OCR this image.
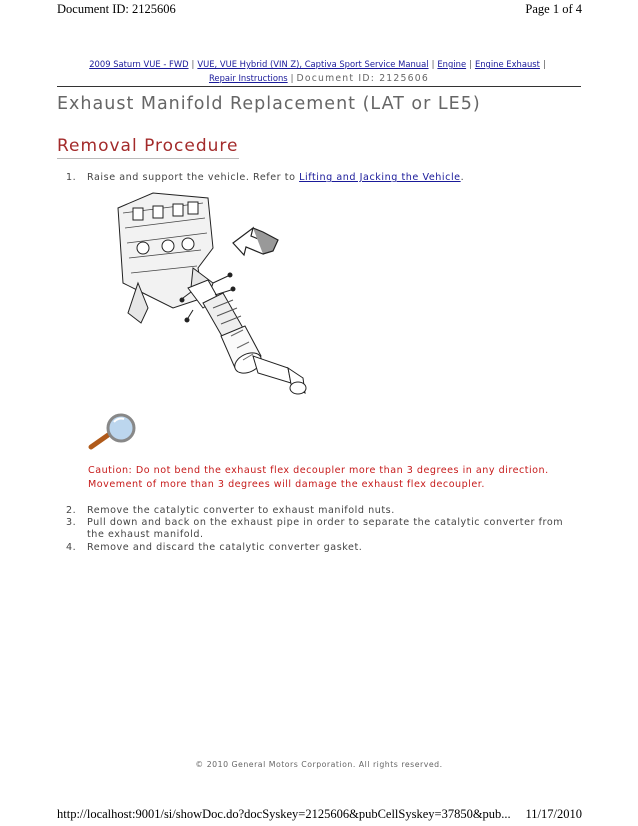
Document ID: 2125606	Page 1 of 4
2009 Saturn VUE - FWD | VUE, VUE Hybrid (VIN Z), Captiva Sport Service Manual | Engine | Engine Exhaust |
Repair Instructions | Document ID: 2125606
Exhaust Manifold Replacement (LAT or LE5)
Removal Procedure
1. Raise and support the vehicle. Refer to Lifting and Jacking the Vehicle.
Caution: Do not bend the exhaust flex decoupler more than 3 degrees in any direction. Movement of more than 3 degrees will damage the exhaust flex decoupler.
2. Remove the catalytic converter to exhaust manifold nuts.
3. Pull down and back on the exhaust pipe in order to separate the catalytic converter from the exhaust manifold.
4. Remove and discard the catalytic converter gasket.
© 2010 General Motors Corporation. All rights reserved.
http://localhost:9001/si/showDoc.do?docSyskey=2125606&pubCellSyskey=37850&pub... 11/17/2010
